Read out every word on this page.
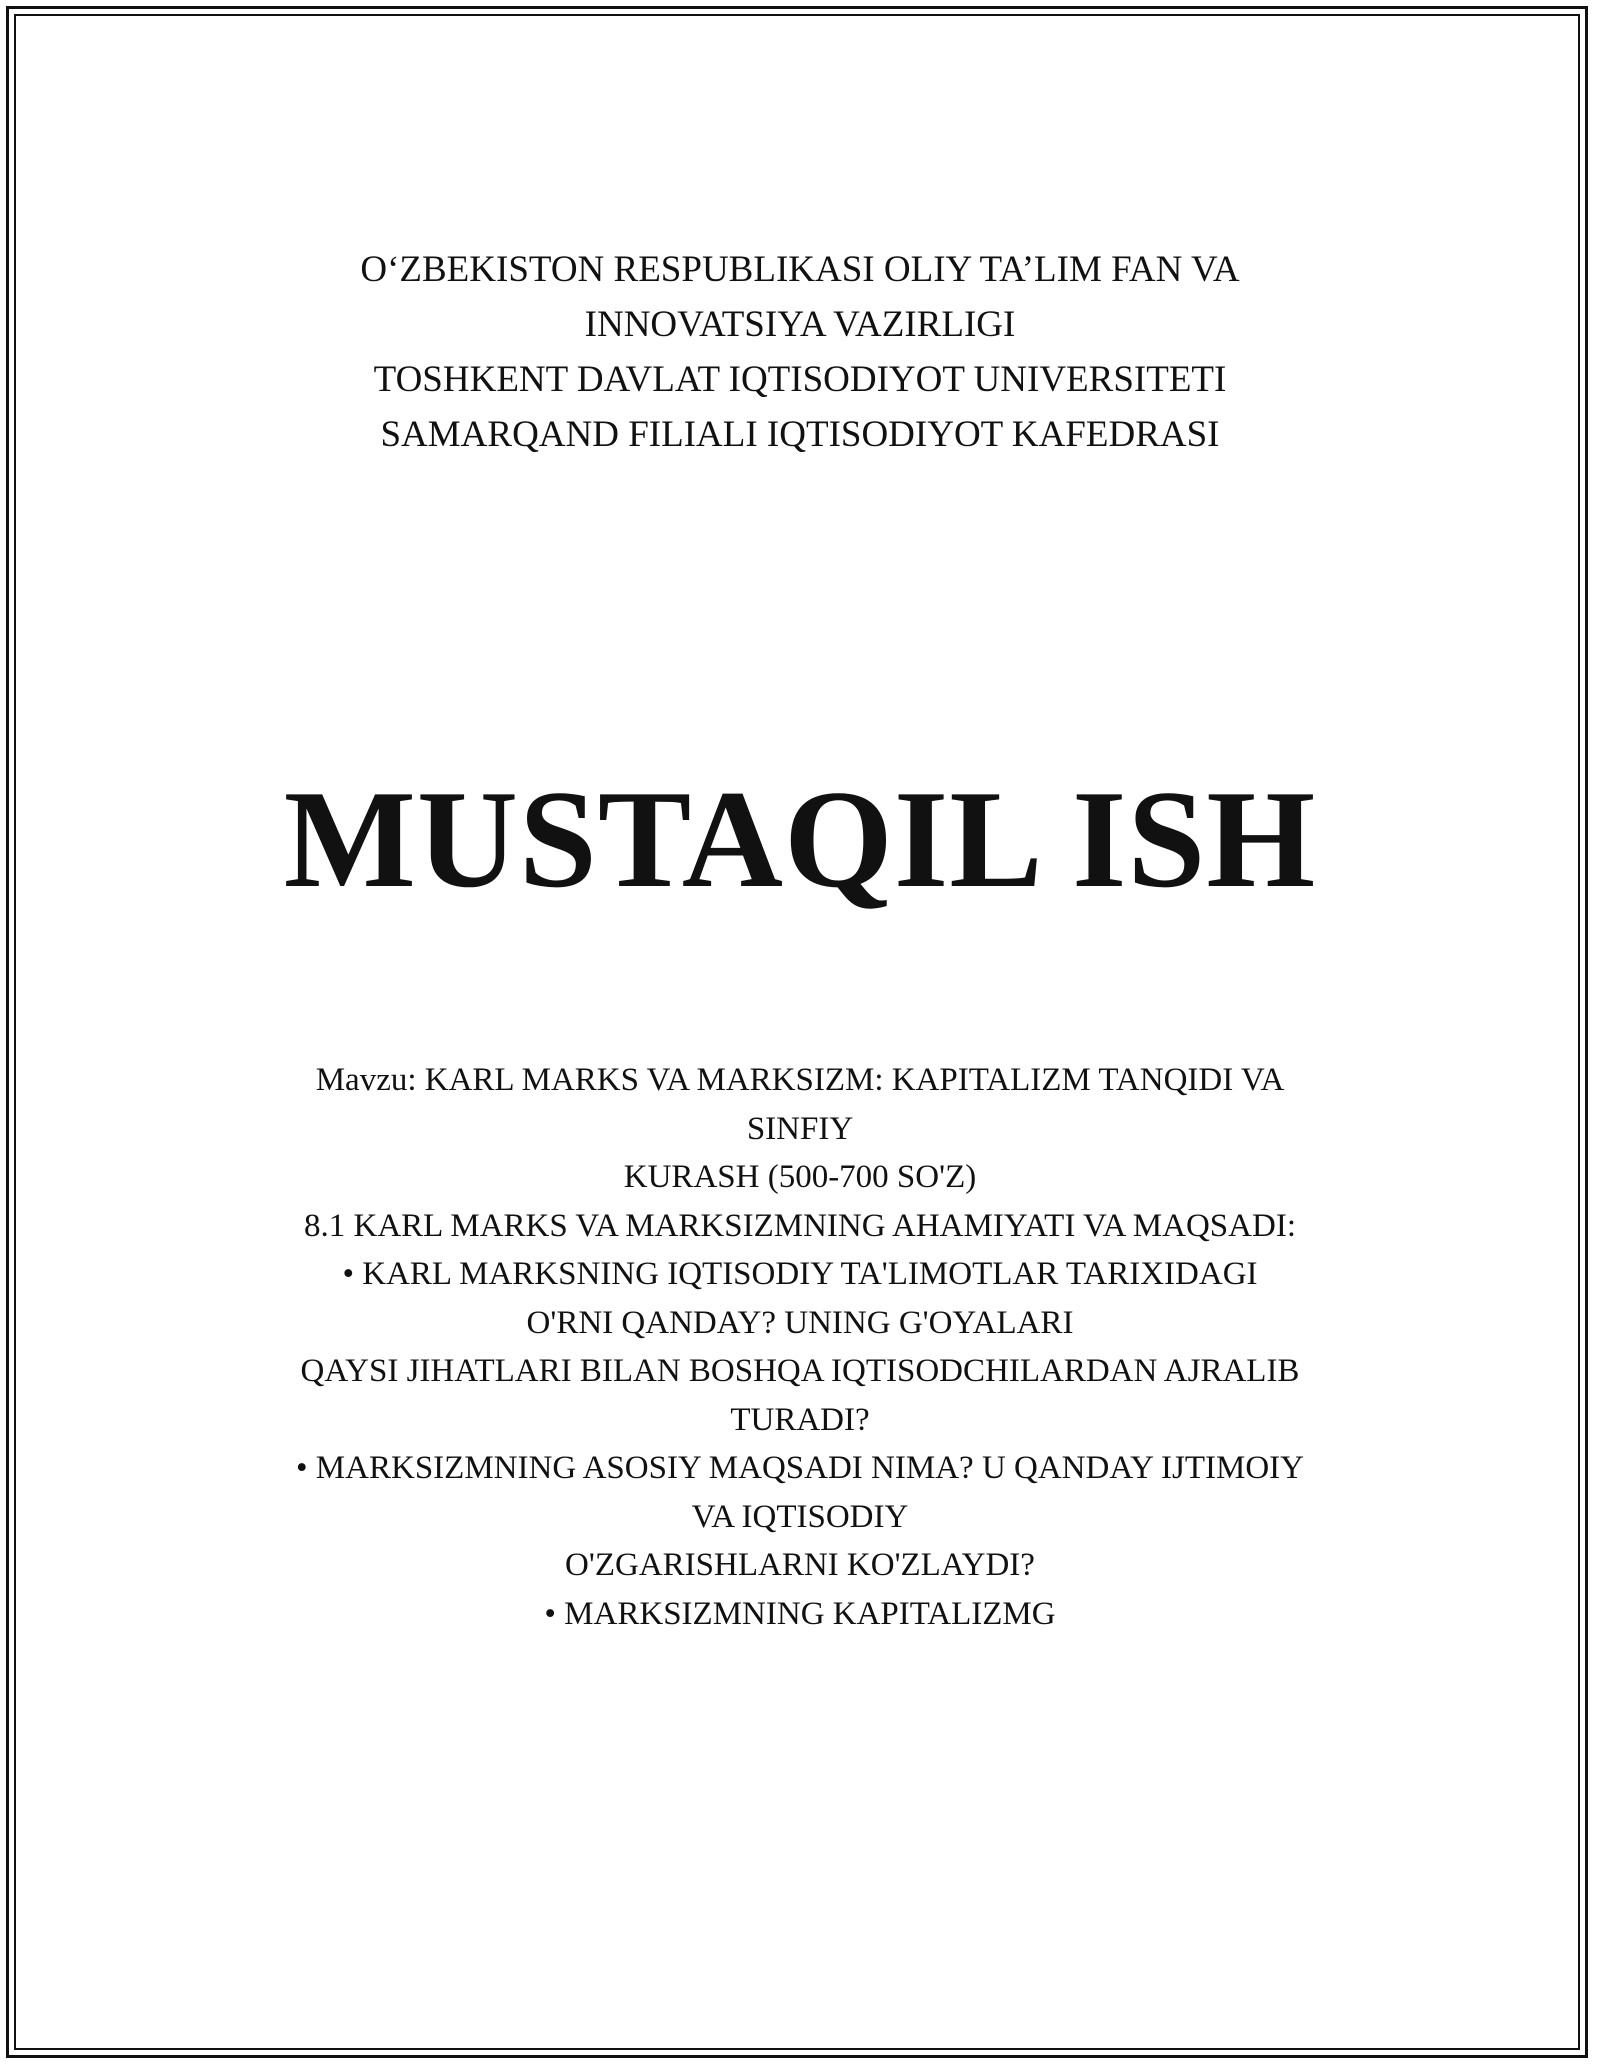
O‘ZBEKISTON RESPUBLIKASI OLIY TA’LIM FAN VA
INNOVATSIYA VAZIRLIGI
TOSHKENT DAVLAT IQTISODIYOT UNIVERSITETI
SAMARQAND FILIALI IQTISODIYOT KAFEDRASI
MUSTAQIL ISH
Mavzu: KARL MARKS VA MARKSIZM: KAPITALIZM TANQIDI VA
SINFIY
KURASH (500-700 SO'Z)
8.1 KARL MARKS VA MARKSIZMNING AHAMIYATI VA MAQSADI:
• KARL MARKSNING IQTISODIY TA'LIMOTLAR TARIXIDAGI
O'RNI QANDAY? UNING G'OYALARI
QAYSI JIHATLARI BILAN BOSHQA IQTISODCHILARDAN AJRALIB
TURADI?
• MARKSIZMNING ASOSIY MAQSADI NIMA? U QANDAY IJTIMOIY
VA IQTISODIY
O'ZGARISHLARNI KO'ZLAYDI?
• MARKSIZMNING KAPITALIZMG
